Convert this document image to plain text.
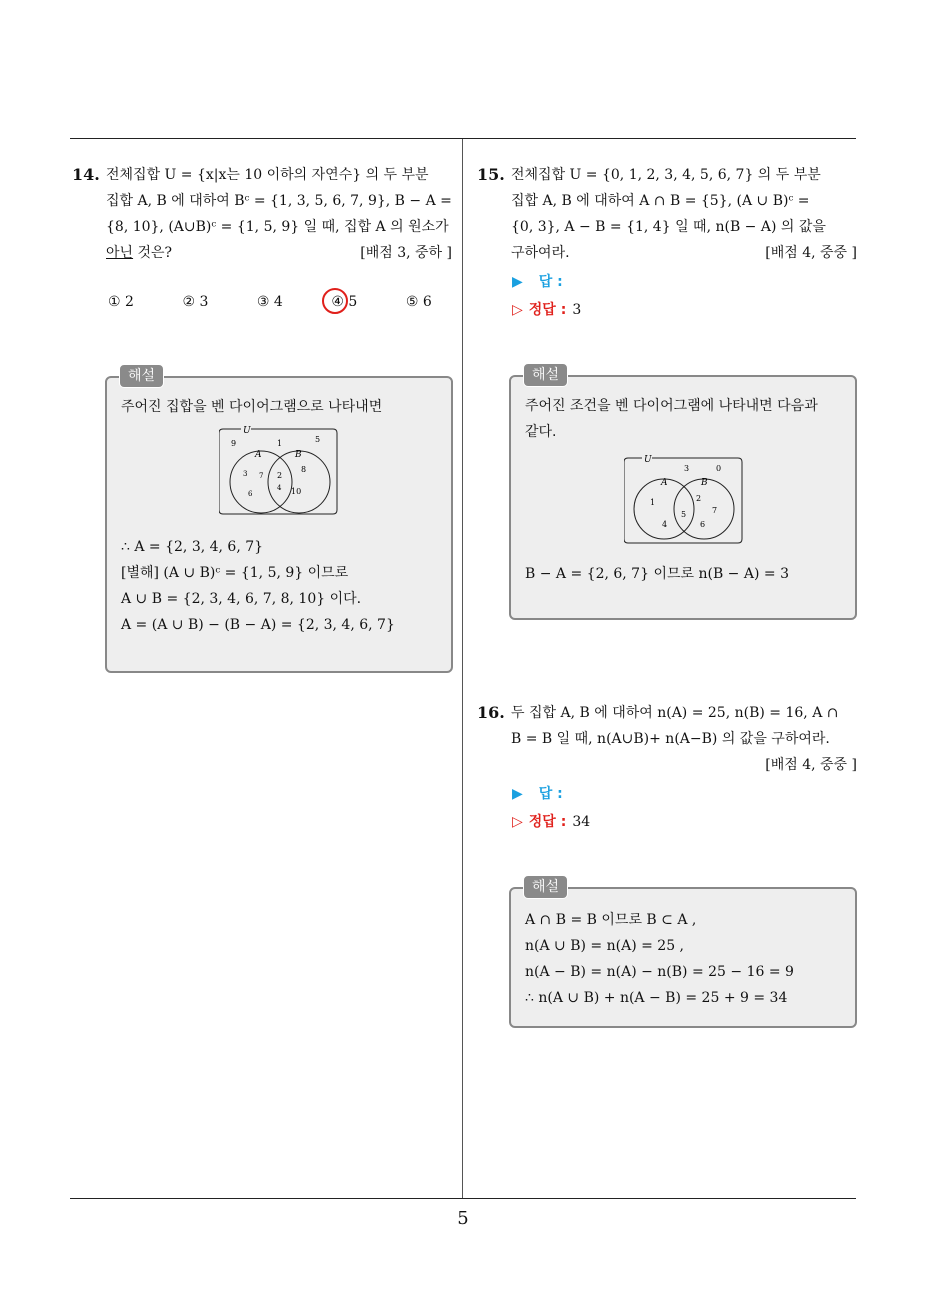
5
14. 전체집합 U = {x|x는 10 이하의 자연수} 의 두 부분
집합 A, B 에 대하여 Bᶜ = {1, 3, 5, 6, 7, 9}, B − A =
{8, 10}, (A∪B)ᶜ = {1, 5, 9} 일 때, 집합 A 의 원소가
아닌 것은?	[배점 3, 중하 ]
① 2	② 3	③ 4	④ 5	⑤ 6
해설
주어진 집합을 벤 다이어그램으로 나타내면
U
A	B
9	1	5
3 7
6
2
4
8
10
∴ A = {2, 3, 4, 6, 7}
[별해] (A ∪ B)ᶜ = {1, 5, 9} 이므로
A ∪ B = {2, 3, 4, 6, 7, 8, 10} 이다.
A = (A ∪ B) − (B − A) = {2, 3, 4, 6, 7}
15. 전체집합 U = {0, 1, 2, 3, 4, 5, 6, 7} 의 두 부분
집합 A, B 에 대하여 A ∩ B = {5}, (A ∪ B)ᶜ =
{0, 3}, A − B = {1, 4} 일 때, n(B − A) 의 값을
구하여라.	[배점 4, 중중 ]
▶ 답 :
▷ 정답 : 3
해설
주어진 조건을 벤 다이어그램에 나타내면 다음과
같다.
U
A	B
3	0
1
4
5
2
7
6
B − A = {2, 6, 7} 이므로 n(B − A) = 3
16. 두 집합 A, B 에 대하여 n(A) = 25, n(B) = 16, A ∩
B = B 일 때, n(A∪B)+ n(A−B) 의 값을 구하여라.
[배점 4, 중중 ]
▶ 답 :
▷ 정답 : 34
해설
A ∩ B = B 이므로 B ⊂ A ,
n(A ∪ B) = n(A) = 25 ,
n(A − B) = n(A) − n(B) = 25 − 16 = 9
∴ n(A ∪ B) + n(A − B) = 25 + 9 = 34
